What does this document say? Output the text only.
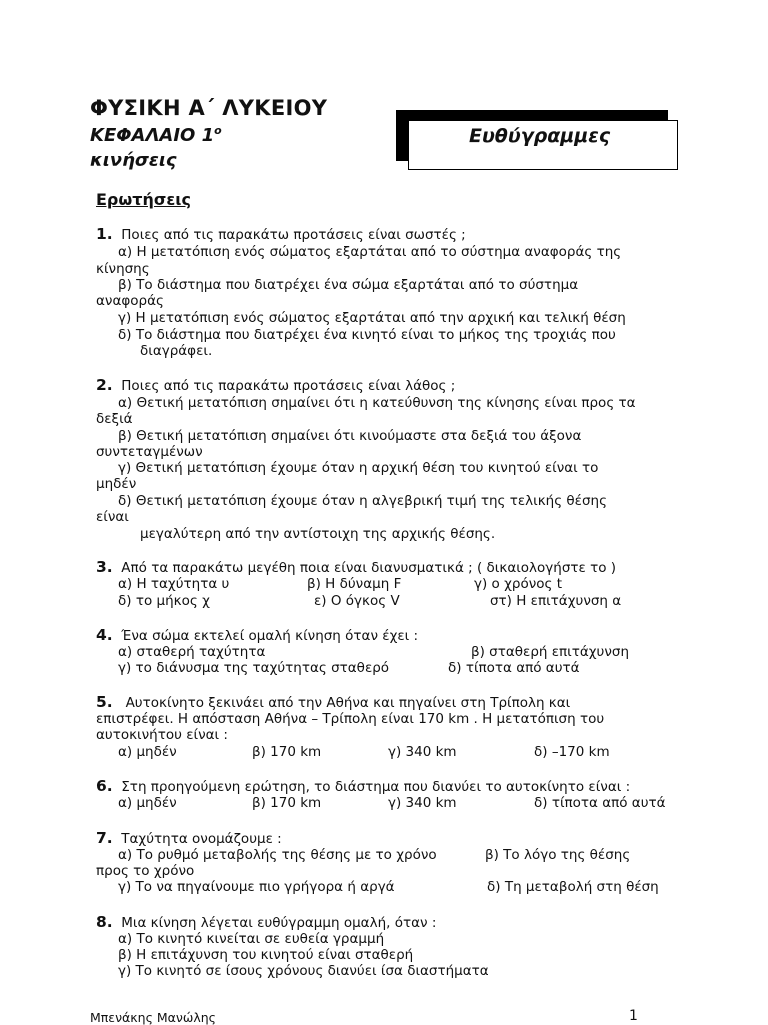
ΦΥΣΙΚΗ Α΄ ΛΥΚΕΙΟΥ
ΚΕΦΑΛΑΙΟ $1^o$
κινήσεις
Ευθύγραμμες
Ερωτήσεις
1. Ποιες από τις παρακάτω προτάσεις είναι σωστές ;
α) Η μετατόπιση ενός σώματος εξαρτάται από το σύστημα αναφοράς της
κίνησης
β) Το διάστημα που διατρέχει ένα σώμα εξαρτάται από το σύστημα
αναφοράς
γ) Η μετατόπιση ενός σώματος εξαρτάται από την αρχική και τελική θέση
δ) Το διάστημα που διατρέχει ένα κινητό είναι το μήκος της τροχιάς που
διαγράφει.
2. Ποιες από τις παρακάτω προτάσεις είναι λάθος ;
α) Θετική μετατόπιση σημαίνει ότι η κατεύθυνση της κίνησης είναι προς τα
δεξιά
β) Θετική μετατόπιση σημαίνει ότι κινούμαστε στα δεξιά του άξονα
συντεταγμένων
γ) Θετική μετατόπιση έχουμε όταν η αρχική θέση του κινητού είναι το
μηδέν
δ) Θετική μετατόπιση έχουμε όταν η αλγεβρική τιμή της τελικής θέσης
είναι
μεγαλύτερη από την αντίστοιχη της αρχικής θέσης.
3. Από τα παρακάτω μεγέθη ποια είναι διανυσματικά ; ( δικαιολογήστε το )
α) Η ταχύτητα υ	β) Η δύναμη F	γ) ο χρόνος t
δ) το μήκος χ	ε) Ο όγκος V	στ) Η επιτάχυνση α
4. Ένα σώμα εκτελεί ομαλή κίνηση όταν έχει :
α) σταθερή ταχύτητα	β) σταθερή επιτάχυνση
γ) το διάνυσμα της ταχύτητας σταθερό	δ) τίποτα από αυτά
5. Αυτοκίνητο ξεκινάει από την Αθήνα και πηγαίνει στη Τρίπολη και
επιστρέφει. Η απόσταση Αθήνα – Τρίπολη είναι 170 km . Η μετατόπιση του
αυτοκινήτου είναι :
α) μηδέν	β) 170 km	γ) 340 km	δ) –170 km
6. Στη προηγούμενη ερώτηση, το διάστημα που διανύει το αυτοκίνητο είναι :
α) μηδέν	β) 170 km	γ) 340 km	δ) τίποτα από αυτά
7. Ταχύτητα ονομάζουμε :
α) Το ρυθμό μεταβολής της θέσης με το χρόνο	β) Το λόγο της θέσης
προς το χρόνο
γ) Το να πηγαίνουμε πιο γρήγορα ή αργά	δ) Τη μεταβολή στη θέση
8. Μια κίνηση λέγεται ευθύγραμμη ομαλή, όταν :
α) Το κινητό κινείται σε ευθεία γραμμή
β) Η επιτάχυνση του κινητού είναι σταθερή
γ) Το κινητό σε ίσους χρόνους διανύει ίσα διαστήματα
Μπενάκης Μανώλης	1
